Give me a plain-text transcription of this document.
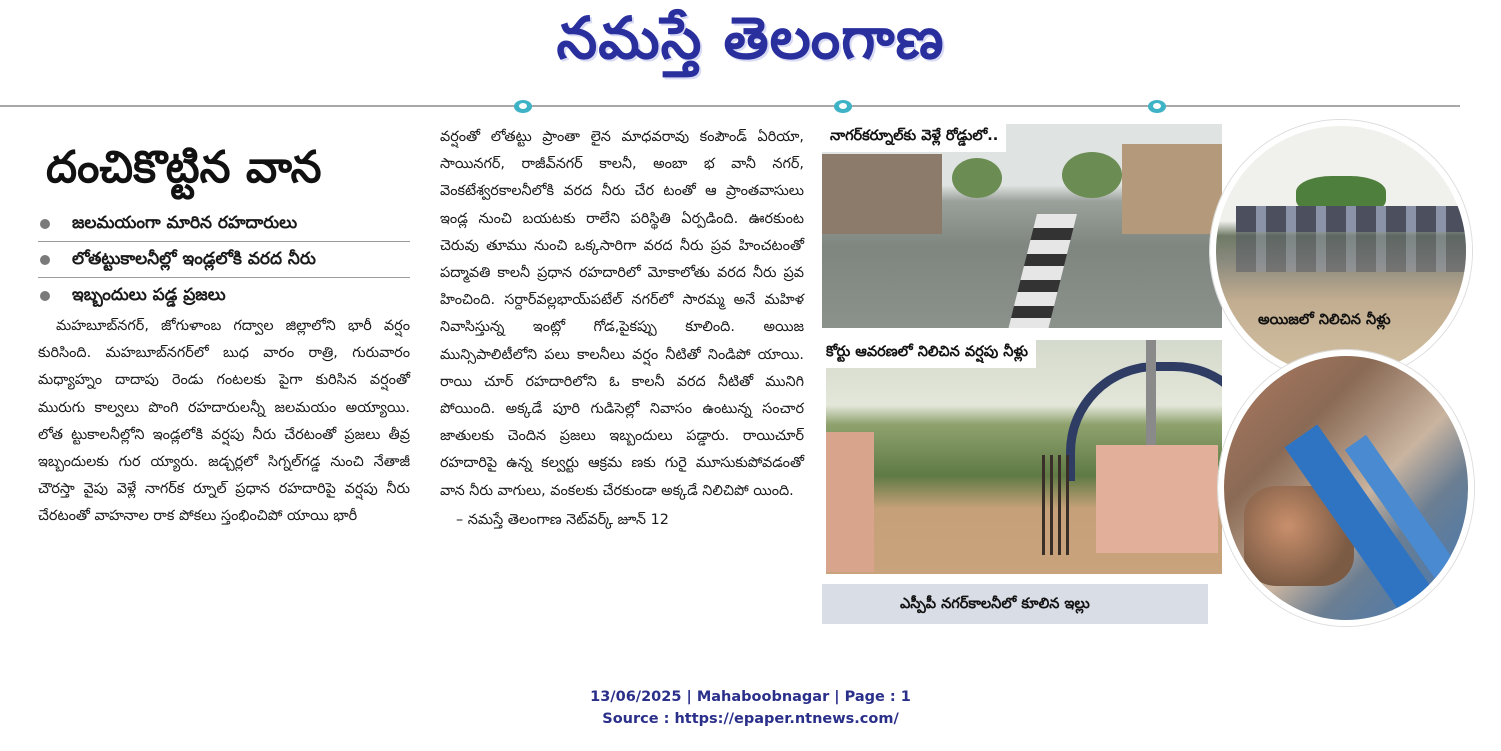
నమస్తే తెలంగాణ
దంచికొట్టిన వాన
జలమయంగా మారిన రహదారులు
లోతట్టుకాలనీల్లో ఇండ్లలోకి వరద నీరు
ఇబ్బందులు పడ్డ ప్రజలు

మహబూబ్‌నగర్, జోగుళాంబ గద్వాల జిల్లాలోని భారీ వర్షం కురిసింది. మహబూబ్‌నగర్‌లో బుధ వారం రాత్రి, గురువారం మధ్యాహ్నం దాదాపు రెండు గంటలకు పైగా కురిసిన వర్షంతో మురుగు కాల్వలు పొంగి రహదారులన్నీ జలమయం అయ్యాయి. లోత ట్టుకాలనీల్లోని ఇండ్లలోకి వర్షపు నీరు చేరటంతో ప్రజలు తీవ్ర ఇబ్బందులకు గుర య్యారు. జడ్చర్లలో సిగ్నల్‌గడ్డ నుంచి నేతాజీ చౌరస్తా వైపు వెళ్లే నాగర్‌క ర్నూల్ ప్రధాన రహదారిపై వర్షపు నీరు చేరటంతో వాహనాల రాక పోకలు స్తంభించిపో యాయి భారీ

వర్షంతో లోతట్టు ప్రాంతా లైన మాధవరావు కంపౌండ్ ఏరియా, సాయినగర్, రాజీవ్‌నగర్ కాలనీ, అంబా భ వానీ నగర్, వెంకటేశ్వరకాలనీలోకి వరద నీరు చేర టంతో ఆ ప్రాంతవాసులు ఇండ్ల నుంచి బయటకు రాలేని పరిస్థితి ఏర్పడింది. ఊరకుంట చెరువు తూము నుంచి ఒక్కసారిగా వరద నీరు ప్రవ హించటంతో పద్మావతి కాలనీ ప్రధాన రహదారిలో మోకాలోతు వరద నీరు ప్రవ హించింది. సర్దార్‌వల్లభాయ్‌పటేల్ నగర్‌లో సారమ్మ అనే మహిళ నివాసిస్తున్న ఇంట్లో గోడ,పైకప్పు కూలింది. అయిజ మున్సిపాలిటీలోని పలు కాలనీలు వర్షం నీటితో నిండిపో యాయి. రాయి చూర్ రహదారిలోని ఓ కాలనీ వరద నీటితో మునిగి పోయింది. అక్కడే పూరి గుడిసెల్లో నివాసం ఉంటున్న సంచార జాతులకు చెందిన ప్రజలు ఇబ్బందులు పడ్డారు. రాయిచూర్ రహదారిపై ఉన్న కల్వర్టు ఆక్రమ ణకు గురై మూసుకుపోవడంతో వాన నీరు వాగులు, వంకలకు చేరకుండా అక్కడే నిలిచిపో యింది.

– నమస్తే తెలంగాణ నెట్‌వర్క్ జూన్ 12
నాగర్‌కర్నూల్‌కు వెళ్లే రోడ్డులో..
కోర్టు ఆవరణలో నిలిచిన వర్షపు నీళ్లు
అయిజలో నిలిచిన నీళ్లు
ఎస్పీపీ నగర్‌కాలనీలో కూలిన ఇల్లు
13/06/2025 | Mahaboobnagar | Page : 1
Source : https://epaper.ntnews.com/
